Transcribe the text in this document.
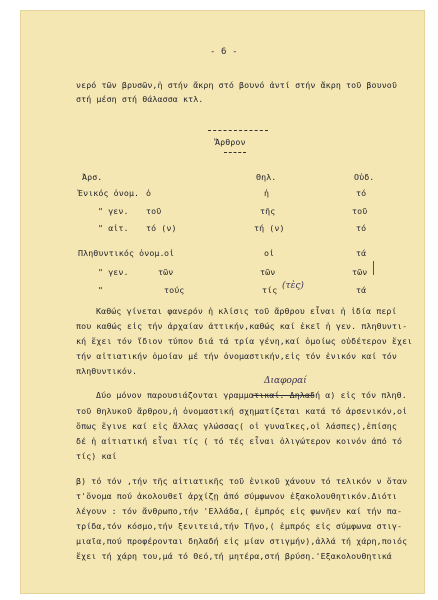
- 6 -
νερό τῶν βρυσῶν,ἡ στήν ἄκρη στό βουνό ἀντί στήν ἄκρη τοῦ βουνοῦ
στή μέση στή θάλασσα κτλ.
Ἄρθρον
Ἀρσ.	Θηλ.	Οὐδ.
Ἑνικός ὀνομ. ὁ	ἡ	τό
" γεν. τοῦ	τῆς	τοῦ
" αἰτ. τό (ν)	τή (ν)	τό
Πληθυντικός ὀνομ. οἱ	οἱ	τά
" γεν.	τῶν	τῶν	τῶν
"	τούς	τίς	τά
(τὲς)
Καθώς γίνεται φανερόν ἡ κλίσις τοῦ ἄρθρου εἶναι ἡ ἰδία περί
που καθώς εἰς τήν ἀρχαίαν ἀττικήν,καθώς καί ἐκεῖ ἡ γεν. πληθυντι-
κή ἔχει τόν ἴδιον τύπον διά τά τρία γένη,καί ὁμοίως οὐδέτερον ἔχει
τήν αἰτιατικήν ὁμοίαν μέ τήν ὀνομαστικήν,εἰς τόν ἑνικόν καί τόν
πληθυντικόν.
Διαφοραί
Δύο μόνον παρουσιάζονται γραμματικαί. Δηλαδή α) εἰς τόν πληθ.
τοῦ θηλυκοῦ ἄρθρου,ἡ ὀνομαστική σχηματίζεται κατά τό ἀρσενικόν,οἱ
ὅπως ἔγινε καί εἰς ἄλλας γλώσσας( οἱ γυναῖκες,οἱ λάσπες),ἐπίσης
δέ ἡ αἰτιατική εἶναι τίς ( τό τές εἶναι ὀλιγώτερον κοινόν ἀπό τό
τίς) καί
β) τό τόν ,τήν τῆς αἰτιατικῆς τοῦ ἑνικοῦ χάνουν τό τελικόν ν ὅταν
τ'ὄνομα πού ἀκολουθεῖ ἀρχίζῃ ἀπό σύμφωνον ἐξακολουθητικόν.Διότι
λέγουν : τόν ἄνθρωπο,τήν 'Ελλάδα,( ἐμπρός εἰς φωνῆεν καί τήν πα-
τρίδα,τόν κόσμο,τήν ξενιτειά,τήν Τῆνο,( ἐμπρός εἰς σύμφωνα στιγ-
μιαῖα,πού προφέρονται δηλαδή εἰς μίαν στιγμήν),ἀλλά τή χάρη,ποιός
ἔχει τή χάρη του,μά τό Θεό,τή μητέρα,στή βρύση.'Εξακολουθητικά
